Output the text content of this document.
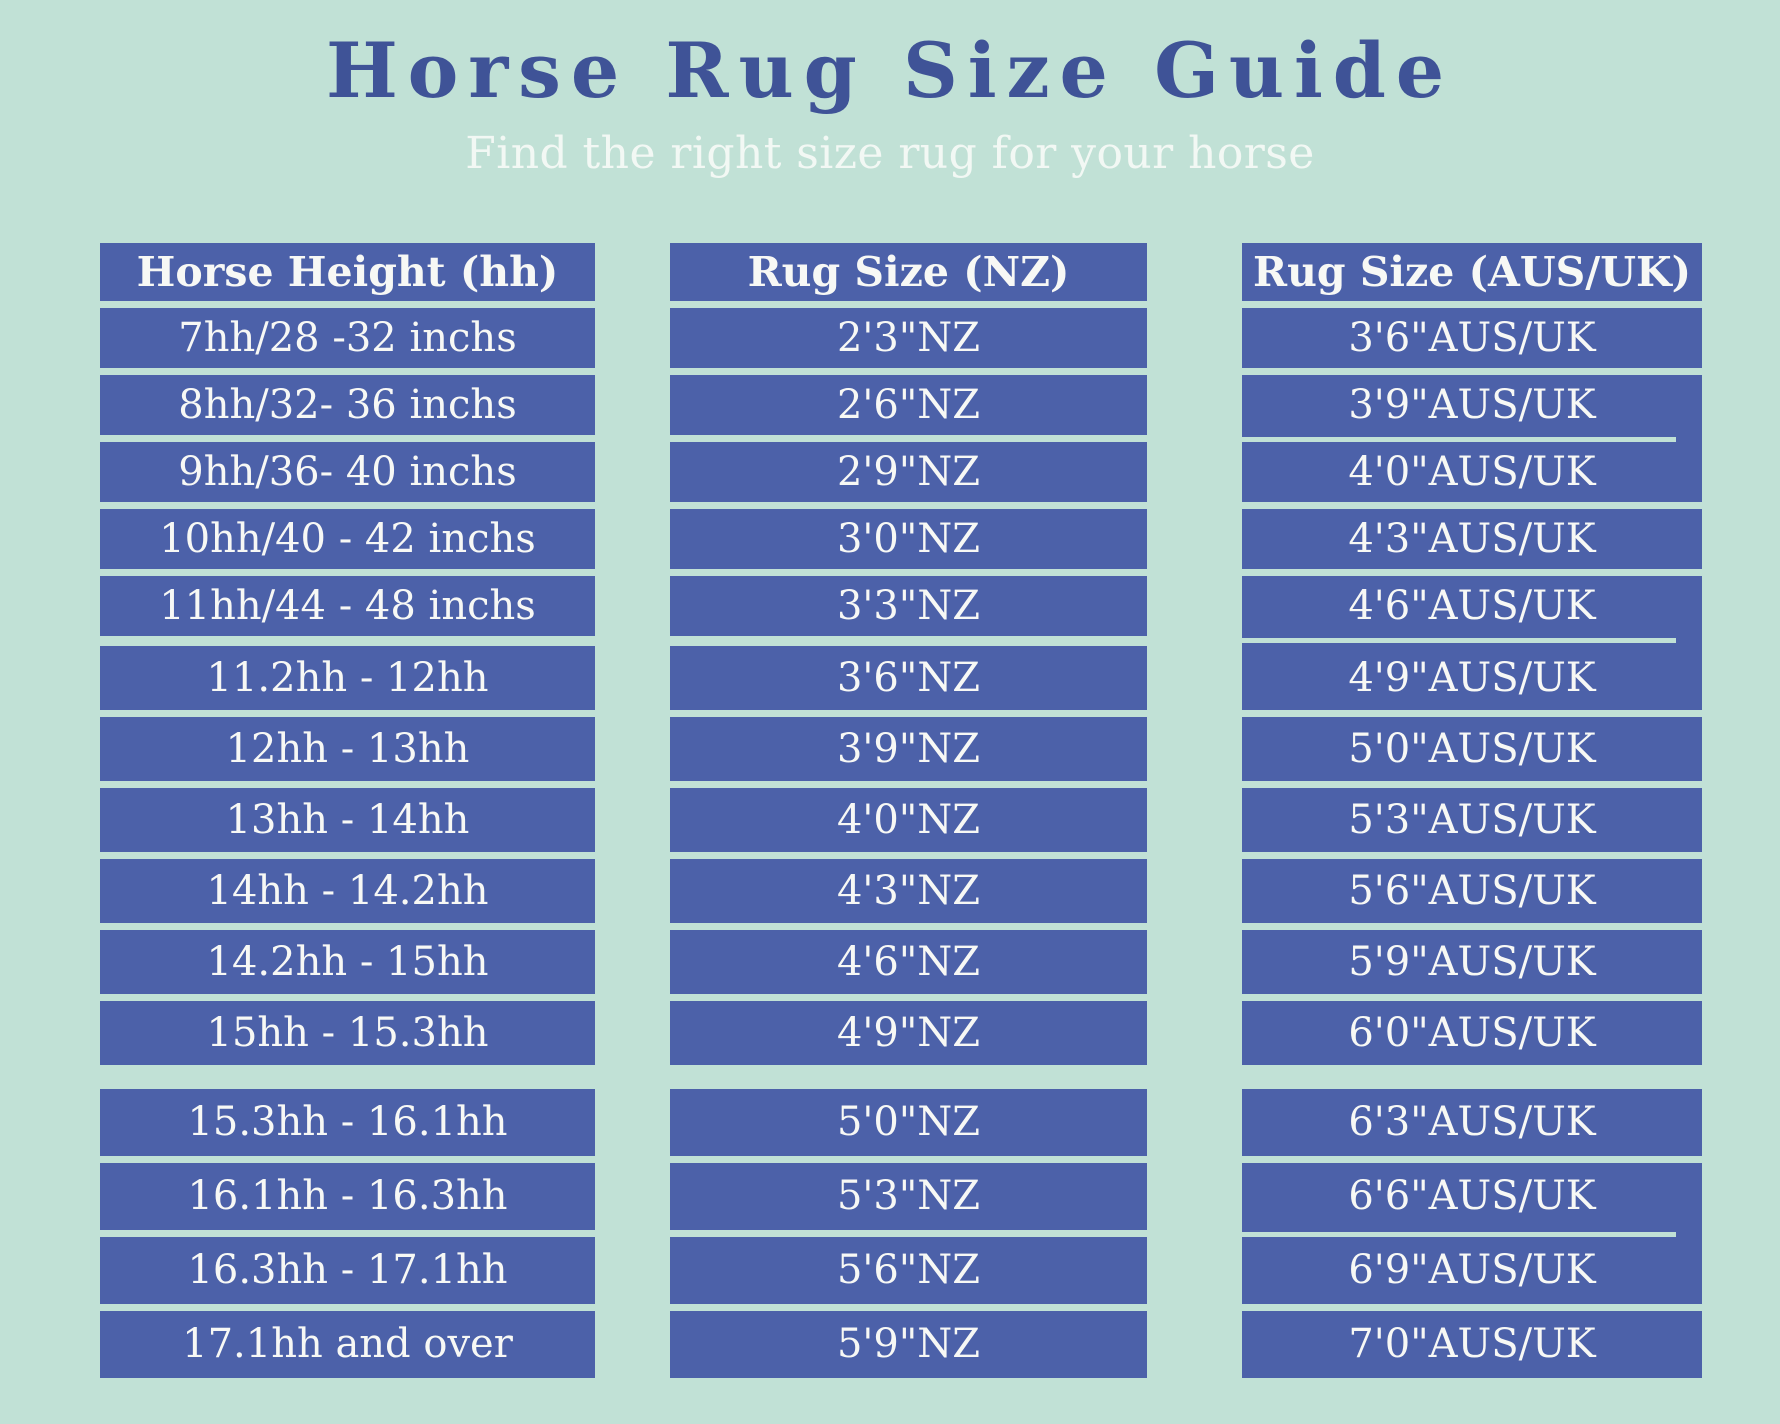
Horse Rug Size Guide
Find the right size rug for your horse
Horse Height (hh)
7hh/28 -32 inchs
8hh/32- 36 inchs
9hh/36- 40 inchs
10hh/40 - 42 inchs
11hh/44 - 48 inchs
11.2hh - 12hh
12hh - 13hh
13hh - 14hh
14hh - 14.2hh
14.2hh - 15hh
15hh - 15.3hh
15.3hh - 16.1hh
16.1hh - 16.3hh
16.3hh - 17.1hh
17.1hh and over
Rug Size (NZ)
2'3"NZ
2'6"NZ
2'9"NZ
3'0"NZ
3'3"NZ
3'6"NZ
3'9"NZ
4'0"NZ
4'3"NZ
4'6"NZ
4'9"NZ
5'0"NZ
5'3"NZ
5'6"NZ
5'9"NZ
Rug Size (AUS/UK)
3'6"AUS/UK
3'9"AUS/UK
4'0"AUS/UK
4'3"AUS/UK
4'6"AUS/UK
4'9"AUS/UK
5'0"AUS/UK
5'3"AUS/UK
5'6"AUS/UK
5'9"AUS/UK
6'0"AUS/UK
6'3"AUS/UK
6'6"AUS/UK
6'9"AUS/UK
7'0"AUS/UK
